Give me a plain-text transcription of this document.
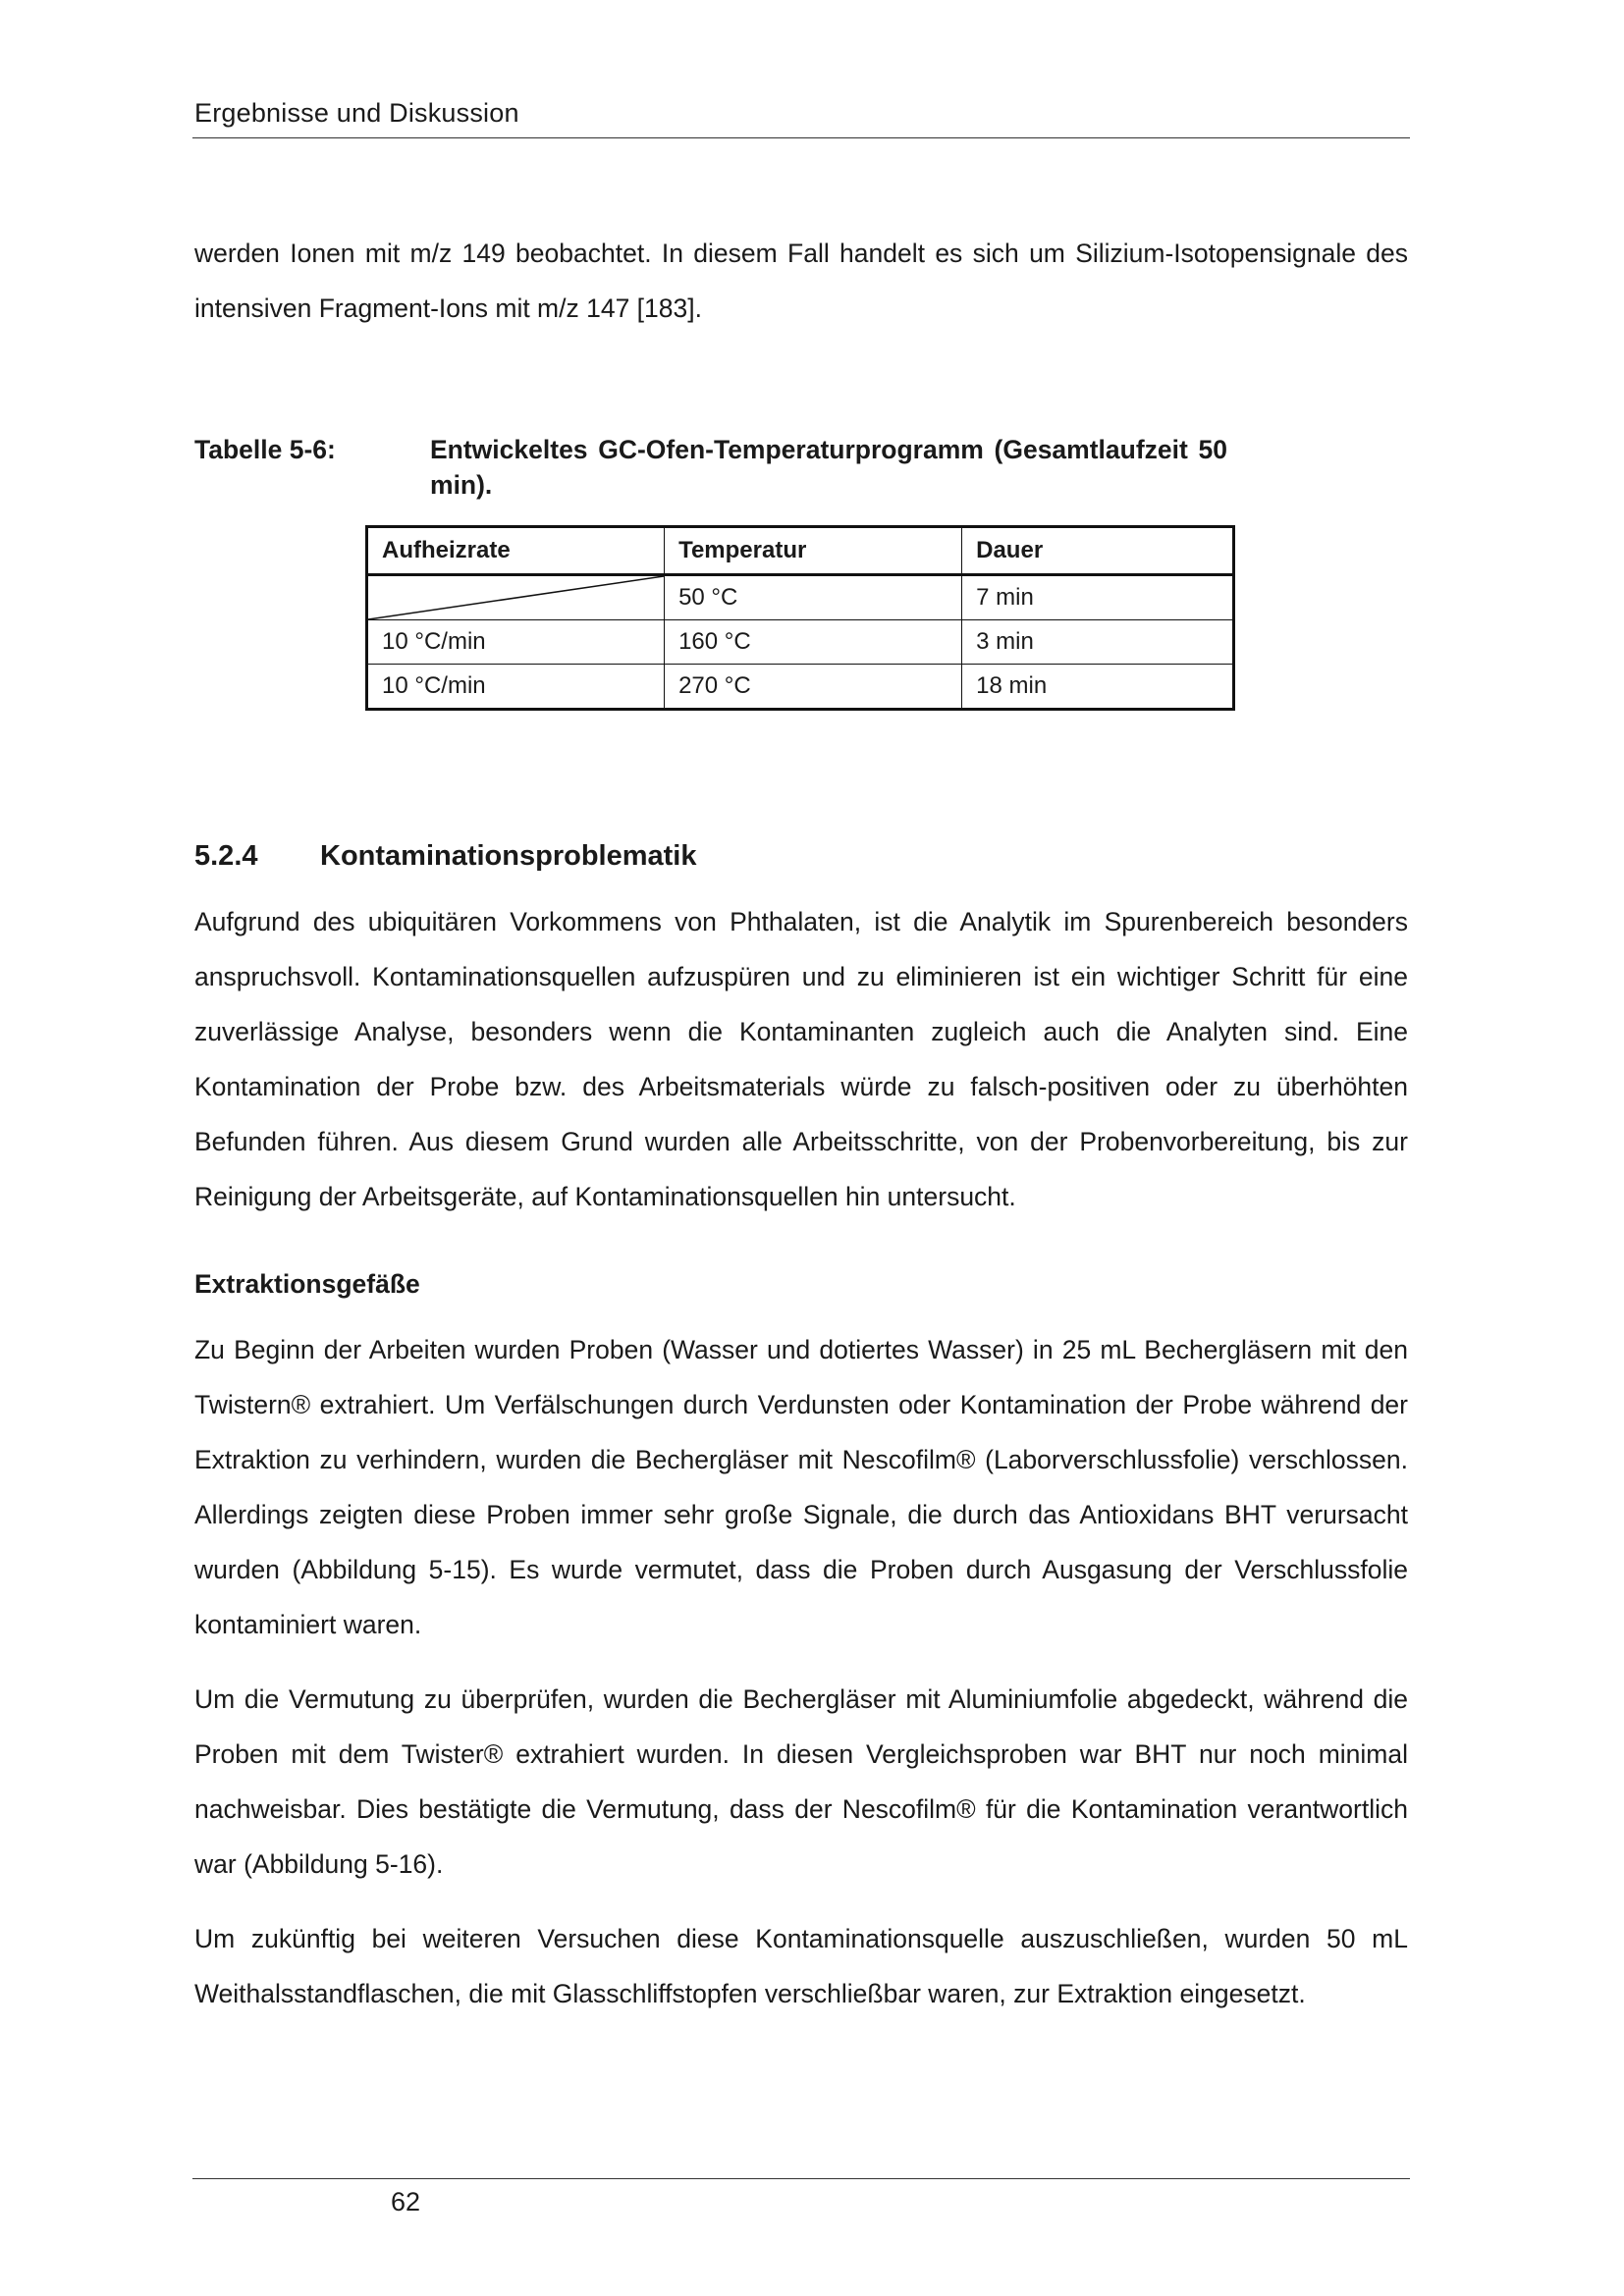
Ergebnisse und Diskussion

werden Ionen mit m/z 149 beobachtet. In diesem Fall handelt es sich um Silizium-Isotopensignale des intensiven Fragment-Ions mit m/z 147 [183].

Tabelle 5-6:	Entwickeltes GC-Ofen-Temperaturprogramm (Gesamtlaufzeit 50 min).
Aufheizrate	Temperatur	Dauer

	50 °C	7 min
10 °C/min	160 °C	3 min
10 °C/min	270 °C	18 min
5.2.4 Kontaminationsproblematik

Aufgrund des ubiquitären Vorkommens von Phthalaten, ist die Analytik im Spurenbereich besonders anspruchsvoll. Kontaminationsquellen aufzuspüren und zu eliminieren ist ein wichtiger Schritt für eine zuverlässige Analyse, besonders wenn die Kontaminanten zugleich auch die Analyten sind. Eine Kontamination der Probe bzw. des Arbeitsmaterials würde zu falsch-positiven oder zu überhöhten Befunden führen. Aus diesem Grund wurden alle Arbeitsschritte, von der Probenvorbereitung, bis zur Reinigung der Arbeitsgeräte, auf Kontaminationsquellen hin untersucht.

Extraktionsgefäße

Zu Beginn der Arbeiten wurden Proben (Wasser und dotiertes Wasser) in 25 mL Bechergläsern mit den Twistern® extrahiert. Um Verfälschungen durch Verdunsten oder Kontamination der Probe während der Extraktion zu verhindern, wurden die Bechergläser mit Nescofilm® (Laborverschlussfolie) verschlossen. Allerdings zeigten diese Proben immer sehr große Signale, die durch das Antioxidans BHT verursacht wurden (Abbildung 5-15). Es wurde vermutet, dass die Proben durch Ausgasung der Verschlussfolie kontaminiert waren.

Um die Vermutung zu überprüfen, wurden die Bechergläser mit Aluminiumfolie abgedeckt, während die Proben mit dem Twister® extrahiert wurden. In diesen Vergleichsproben war BHT nur noch minimal nachweisbar. Dies bestätigte die Vermutung, dass der Nescofilm® für die Kontamination verantwortlich war (Abbildung 5-16).

Um zukünftig bei weiteren Versuchen diese Kontaminationsquelle auszuschließen, wurden 50 mL Weithalsstandflaschen, die mit Glasschliffstopfen verschließbar waren, zur Extraktion eingesetzt.

62
